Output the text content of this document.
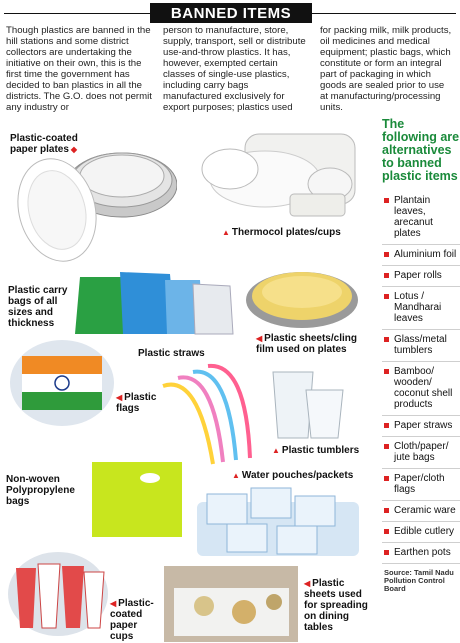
BANNED ITEMS

Though plastics are banned in the hill stations and some district collectors are undertaking the initiative on their own, this is the first time the government has decided to ban plastics in all the districts. The G.O. does not permit any industry or

person to manufacture, store, supply, transport, sell or distribute use-and-throw plastics. It has, however, exempted certain classes of single-use plastics, including carry bags manufactured exclusively for export purposes; plastics used

for packing milk, milk products, oil medicines and medical equipment; plastic bags, which constitute or form an integral part of packaging in which goods are sealed prior to use at manufacturing/processing units.

Plastic-coated paper plates ◆
▲ Thermocol plates/cups
Plastic carry bags of all sizes and thickness
◀ Plastic sheets/cling film used on plates
Plastic straws
◀ Plastic flags
▲ Plastic tumblers
Non-woven Polypropylene bags
▲ Water pouches/packets
◀ Plastic-coated paper cups
◀ Plastic sheets used for spreading on dining tables
The following are alternatives to banned plastic items
Plantain leaves, arecanut plates
Aluminium foil
Paper rolls
Lotus / Mandharai leaves
Glass/metal tumblers
Bamboo/ wooden/ coconut shell products
Paper straws
Cloth/paper/ jute bags
Paper/cloth flags
Ceramic ware
Edible cutlery
Earthen pots
Source: Tamil Nadu Pollution Control Board
